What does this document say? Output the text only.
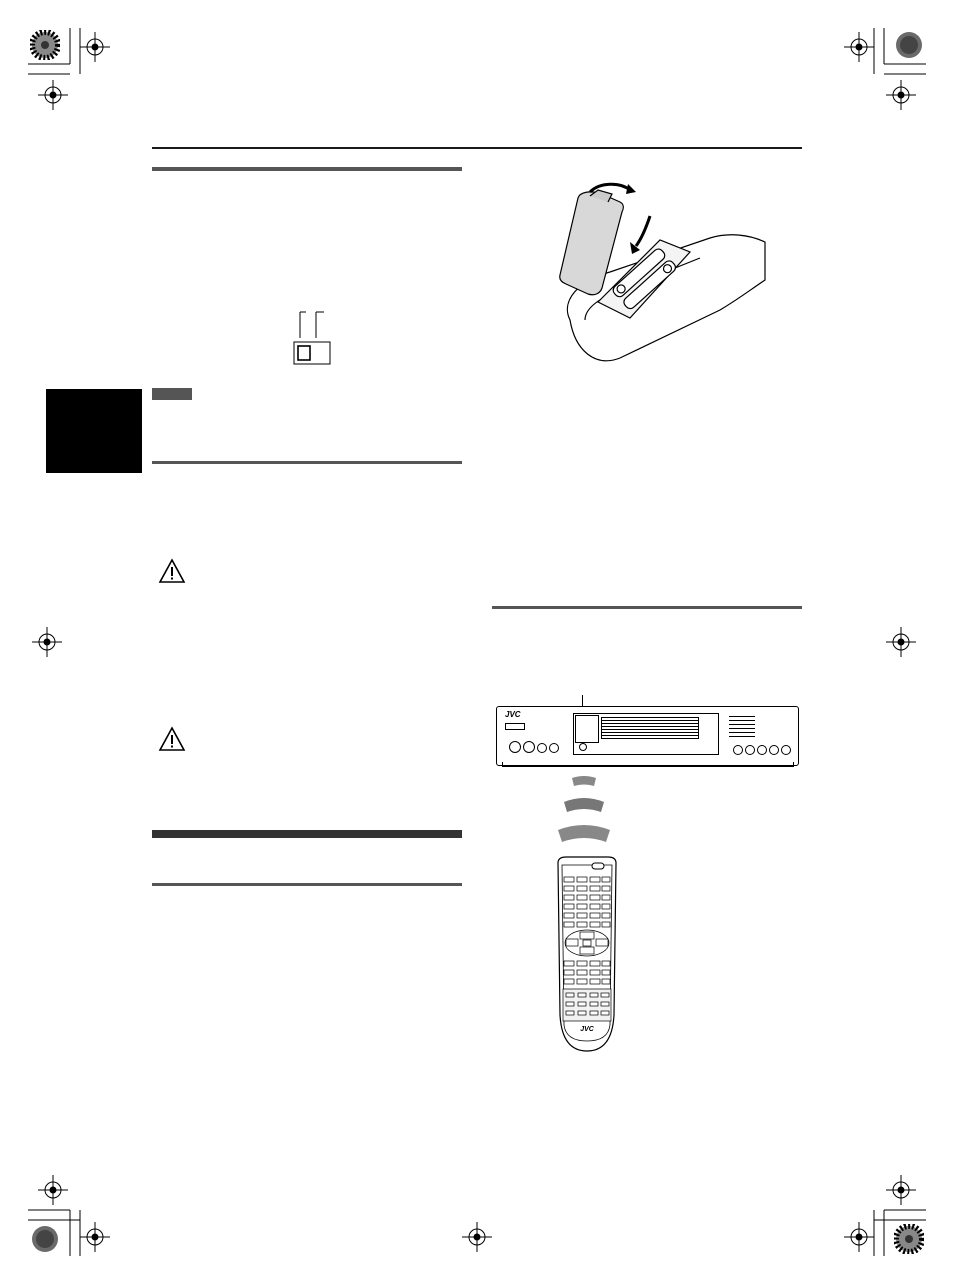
JVC
JVC
